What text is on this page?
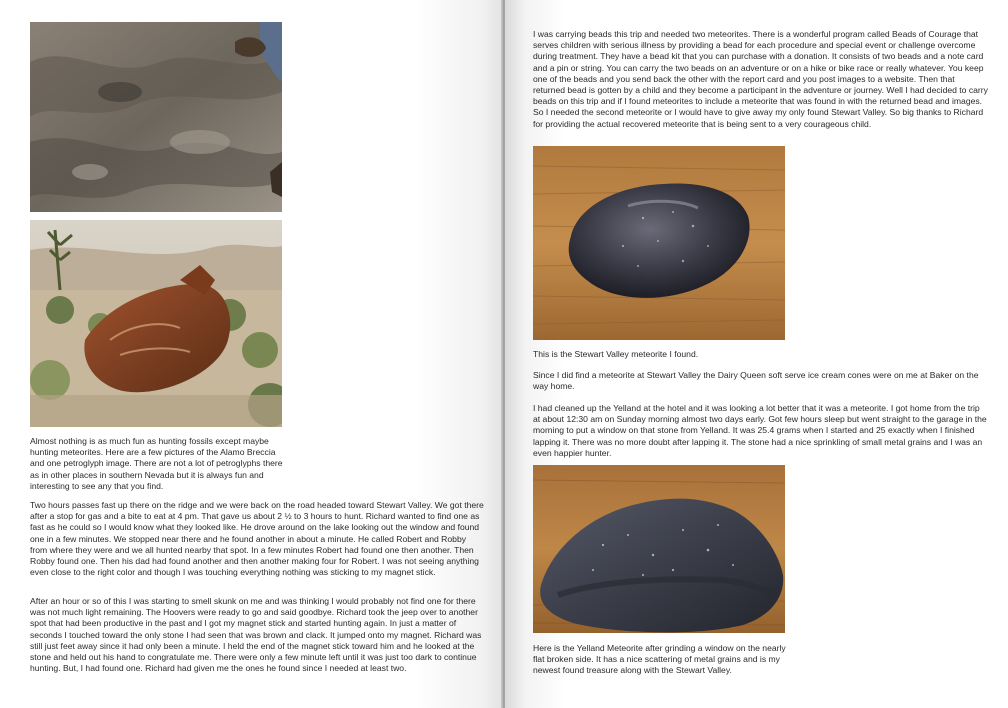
Almost nothing is as much fun as hunting fossils except maybe hunting meteorites. Here are a few pictures of the Alamo Breccia and one petroglyph image. There are not a lot of petroglyphs there as in other places in southern Nevada but it is always fun and interesting to see any that you find.

Two hours passes fast up there on the ridge and we were back on the road headed toward Stewart Valley. We got there after a stop for gas and a bite to eat at 4 pm. That gave us about 2 ½ to 3 hours to hunt. Richard wanted to find one as fast as he could so I would know what they looked like. He drove around on the lake looking out the window and found one in a few minutes. We stopped near there and he found another in about a minute. He called Robert and Robby from where they were and we all hunted nearby that spot. In a few minutes Robert had found one then another. Then Robby found one. Then his dad had found another and then another making four for Robert. I was not seeing anything even close to the right color and though I was touching everything nothing was sticking to my magnet stick.

After an hour or so of this I was starting to smell skunk on me and was thinking I would probably not find one for there was not much light remaining. The Hoovers were ready to go and said goodbye. Richard took the jeep over to another spot that had been productive in the past and I got my magnet stick and started hunting again. In just a matter of seconds I touched toward the only stone I had seen that was brown and clack. It jumped onto my magnet. Richard was still just feet away since it had only been a minute. I held the end of the magnet stick toward him and he looked at the stone and held out his hand to congratulate me. There were only a few minute left until it was just too dark to continue hunting. But, I had found one. Richard had given me the ones he found since I needed at least two.

I was carrying beads this trip and needed two meteorites. There is a wonderful program called Beads of Courage that serves children with serious illness by providing a bead for each procedure and special event or challenge overcome during treatment. They have a bead kit that you can purchase with a donation. It consists of two beads and a note card and a pin or string. You can carry the two beads on an adventure or on a hike or bike race or really whatever. You keep one of the beads and you send back the other with the report card and you post images to a website. Then that returned bead is gotten by a child and they become a participant in the adventure or journey. Well I had decided to carry beads on this trip and if I found meteorites to include a meteorite that was found in with the returned bead and images. So I needed the second meteorite or I would have to give away my only found Stewart Valley. So big thanks to Richard for providing the actual recovered meteorite that is being sent to a very courageous child.

This is the Stewart Valley meteorite I found.

Since I did find a meteorite at Stewart Valley the Dairy Queen soft serve ice cream cones were on me at Baker on the way home.

I had cleaned up the Yelland at the hotel and it was looking a lot better that it was a meteorite. I got home from the trip at about 12:30 am on Sunday morning almost two days early. Got few hours sleep but went straight to the garage in the morning to put a window on that stone from Yelland. It was 25.4 grams when I started and 25 exactly when I finished lapping it. There was no more doubt after lapping it. The stone had a nice sprinkling of small metal grains and I was an even happier hunter.

Here is the Yelland Meteorite after grinding a window on the nearly flat broken side. It has a nice scattering of metal grains and is my newest found treasure along with the Stewart Valley.
